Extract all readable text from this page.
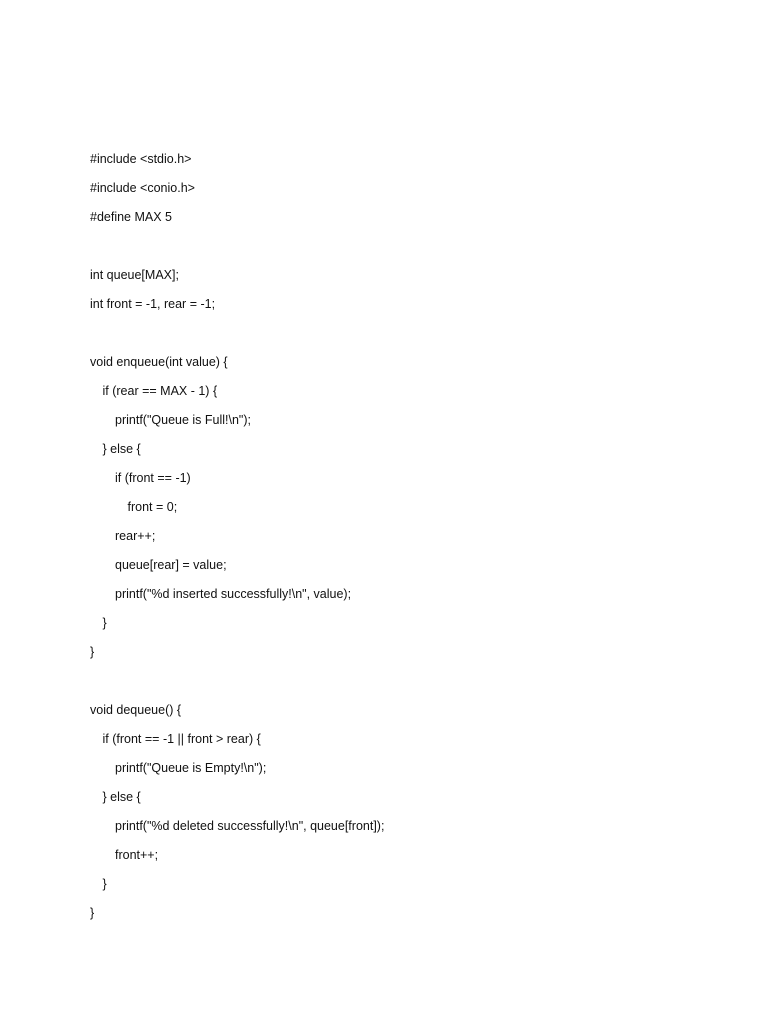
#include <stdio.h>
#include <conio.h>
#define MAX 5
int queue[MAX];
int front = -1, rear = -1;
void enqueue(int value) {
if (rear == MAX - 1) {
printf("Queue is Full!\n");
} else {
if (front == -1)
front = 0;
rear++;
queue[rear] = value;
printf("%d inserted successfully!\n", value);
}
}
void dequeue() {
if (front == -1 || front > rear) {
printf("Queue is Empty!\n");
} else {
printf("%d deleted successfully!\n", queue[front]);
front++;
}
}
